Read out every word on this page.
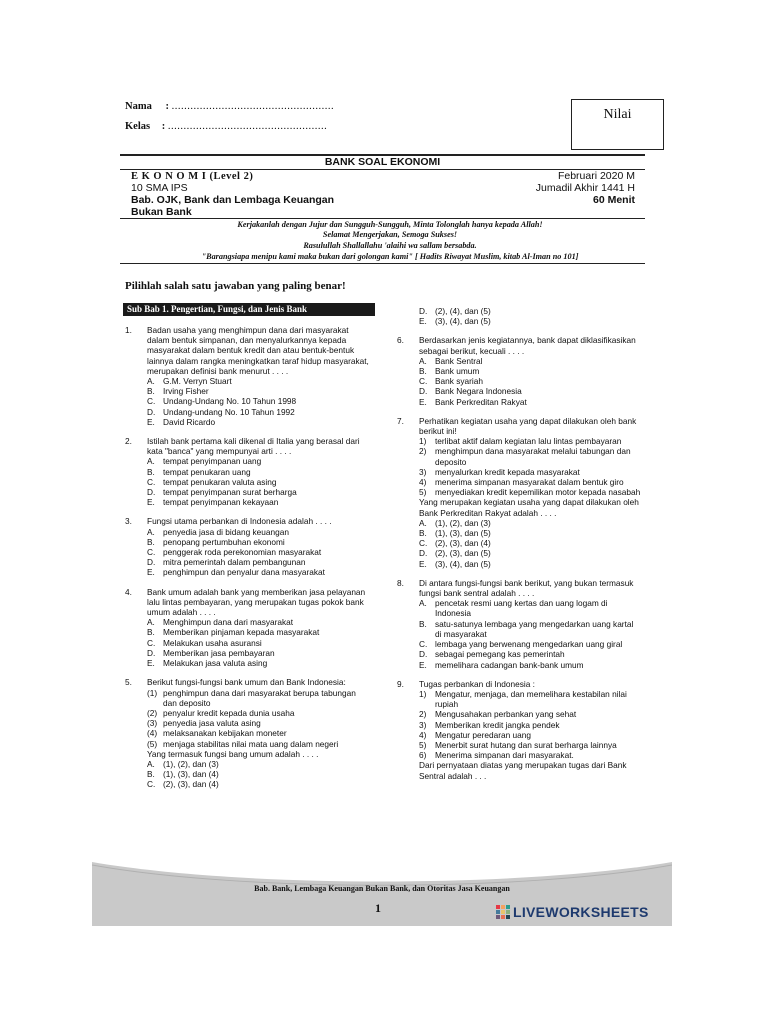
Nama : ....................................................
Kelas : ...................................................
Nilai
BANK SOAL EKONOMI
E K O N O M I (Level 2)
10 SMA IPS
Bab. OJK, Bank dan Lembaga Keuangan
Bukan Bank
Februari 2020 M
Jumadil Akhir 1441 H
60 Menit
Kerjakanlah dengan Jujur dan Sungguh-Sungguh, Minta Tolonglah hanya kepada Allah!
Selamat Mengerjakan, Semoga Sukses!
Rasulullah Shallallahu 'alaihi wa sallam bersabda.
"Barangsiapa menipu kami maka bukan dari golongan kami" [ Hadits Riwayat Muslim, kitab Al-Iman no 101]
Pilihlah salah satu jawaban yang paling benar!
Sub Bab 1. Pengertian, Fungsi, dan Jenis Bank
1.	Badan usaha yang menghimpun dana dari masyarakat dalam bentuk simpanan, dan menyalurkannya kepada masyarakat dalam bentuk kredit dan atau bentuk-bentuk lainnya dalam rangka meningkatkan taraf hidup masyarakat, merupakan definisi bank menurut . . . .
A. G.M. Verryn Stuart
B. Irving Fisher
C. Undang-Undang No. 10 Tahun 1998
D. Undang-undang No. 10 Tahun 1992
E. David Ricardo
2.	Istilah bank pertama kali dikenal di Italia yang berasal dari kata "banca" yang mempunyai arti . . . .
A. tempat penyimpanan uang
B. tempat penukaran uang
C. tempat penukaran valuta asing
D. tempat penyimpanan surat berharga
E. tempat penyimpanan kekayaan
3.	Fungsi utama perbankan di Indonesia adalah . . . .
A. penyedia jasa di bidang keuangan
B. penopang pertumbuhan ekonomi
C. penggerak roda perekonomian masyarakat
D. mitra pemerintah dalam pembangunan
E. penghimpun dan penyalur dana masyarakat
4.	Bank umum adalah bank yang memberikan jasa pelayanan lalu lintas pembayaran, yang merupakan tugas pokok bank umum adalah . . . .
A. Menghimpun dana dari masyarakat
B. Memberikan pinjaman kepada masyarakat
C. Melakukan usaha asuransi
D. Memberikan jasa pembayaran
E. Melakukan jasa valuta asing
5.	Berikut fungsi-fungsi bank umum dan Bank Indonesia:
(1) penghimpun dana dari masyarakat berupa tabungan dan deposito
(2) penyalur kredit kepada dunia usaha
(3) penyedia jasa valuta asing
(4) melaksanakan kebijakan moneter
(5) menjaga stabilitas nilai mata uang dalam negeri
Yang termasuk fungsi bang umum adalah . . . .
A. (1), (2), dan (3)
B. (1), (3), dan (4)
C. (2), (3), dan (4)
D. (2), (4), dan (5)
E. (3), (4), dan (5)
6.	Berdasarkan jenis kegiatannya, bank dapat diklasifikasikan sebagai berikut, kecuali . . . .
A. Bank Sentral
B. Bank umum
C. Bank syariah
D. Bank Negara Indonesia
E. Bank Perkreditan Rakyat
7.	Perhatikan kegiatan usaha yang dapat dilakukan oleh bank berikut ini!
1)	terlibat aktif dalam kegiatan lalu lintas pembayaran
2)	menghimpun dana masyarakat melalui tabungan dan deposito
3)	menyalurkan kredit kepada masyarakat
4)	menerima simpanan masyarakat dalam bentuk giro
5)	menyediakan kredit kepemilikan motor kepada nasabah
Yang merupakan kegiatan usaha yang dapat dilakukan oleh Bank Perkreditan Rakyat adalah . . . .
A. (1), (2), dan (3)
B. (1), (3), dan (5)
C. (2), (3), dan (4)
D. (2), (3), dan (5)
E. (3), (4), dan (5)
8.	Di antara fungsi-fungsi bank berikut, yang bukan termasuk fungsi bank sentral adalah . . . .
A. pencetak resmi uang kertas dan uang logam di Indonesia
B. satu-satunya lembaga yang mengedarkan uang kartal di masyarakat
C. lembaga yang berwenang mengedarkan uang giral
D. sebagai pemegang kas pemerintah
E. memelihara cadangan bank-bank umum
9.	Tugas perbankan di Indonesia :
1)	Mengatur, menjaga, dan memelihara kestabilan nilai rupiah
2)	Mengusahakan perbankan yang sehat
3)	Memberikan kredit jangka pendek
4)	Mengatur peredaran uang
5)	Menerbit surat hutang dan surat berharga lainnya
6)	Menerima simpanan dari masyarakat.
Dari pernyataan diatas yang merupakan tugas dari Bank Sentral adalah . . .
Bab. Bank, Lembaga Keuangan Bukan Bank, dan Otoritas Jasa Keuangan
1	LIVEWORKSHEETS
